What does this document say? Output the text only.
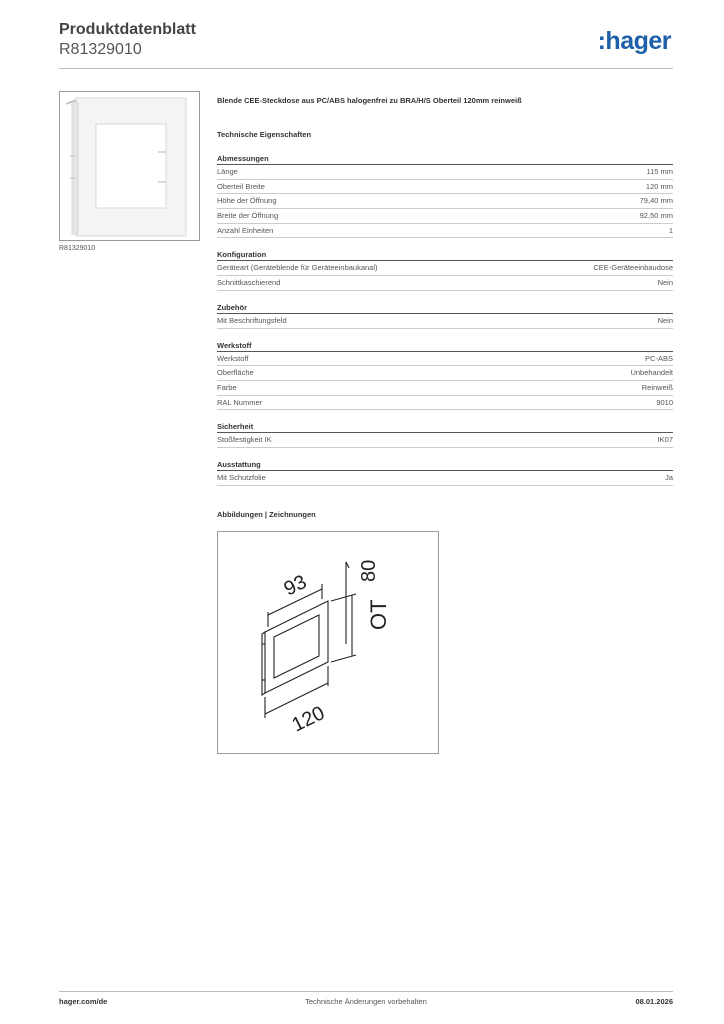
Produktdatenblatt
R81329010	:hager
R81329010
Blende CEE-Steckdose aus PC/ABS halogenfrei zu BRA/H/S Oberteil 120mm reinweiß
Technische Eigenschaften
Abmessungen
Länge	115 mm
Oberteil Breite	120 mm
Höhe der Öffnung	79,40 mm
Breite der Öffnung	92,50 mm
Anzahl Einheiten	1
Konfiguration
Geräteart (Geräteblende für Geräteeinbaukanal)	CEE-Geräteeinbaudose
Schnittkaschierend	Nein
Zubehör
Mit Beschriftungsfeld	Nein
Werkstoff
Werkstoff	PC-ABS
Oberfläche	Unbehandelt
Farbe	Reinweiß
RAL Nummer	9010
Sicherheit
Stoßfestigkeit IK	IK07
Ausstattung
Mit Schutzfolie	Ja
Abbildungen | Zeichnungen
93
80
OT
120
Technische Änderungen vorbehalten
hager.com/de	08.01.2026
